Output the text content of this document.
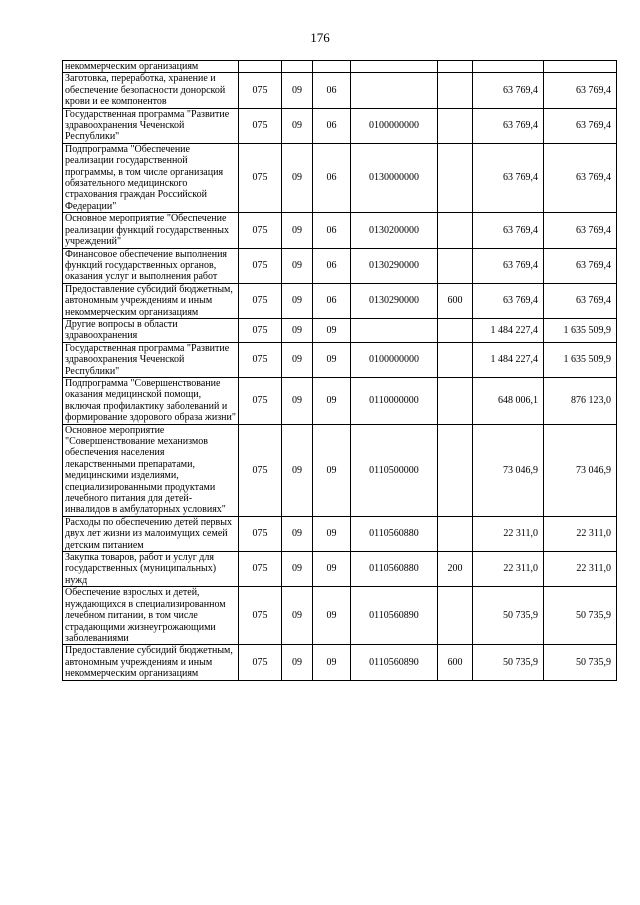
176
некоммерческим организациям							
Заготовка, переработка, хранение и обеспечение безопасности донорской крови и ее компонентов	075	09	06			63 769,4	63 769,4
Государственная программа "Развитие здравоохранения Чеченской Республики"	075	09	06	0100000000		63 769,4	63 769,4
Подпрограмма "Обеспечение реализации государственной программы, в том числе организация обязательного медицинского страхования граждан Российской Федерации"	075	09	06	0130000000		63 769,4	63 769,4
Основное мероприятие "Обеспечение реализации функций государственных учреждений"	075	09	06	0130200000		63 769,4	63 769,4
Финансовое обеспечение выполнения функций государственных органов, оказания услуг и выполнения работ	075	09	06	0130290000		63 769,4	63 769,4
Предоставление субсидий бюджетным, автономным учреждениям и иным некоммерческим организациям	075	09	06	0130290000	600	63 769,4	63 769,4
Другие вопросы в области здравоохранения	075	09	09			1 484 227,4	1 635 509,9
Государственная программа "Развитие здравоохранения Чеченской Республики"	075	09	09	0100000000		1 484 227,4	1 635 509,9
Подпрограмма "Совершенствование оказания медицинской помощи, включая профилактику заболеваний и формирование здорового образа жизни"	075	09	09	0110000000		648 006,1	876 123,0
Основное мероприятие "Совершенствование механизмов обеспечения населения лекарственными препаратами, медицинскими изделиями, специализированными продуктами лечебного питания для детей-инвалидов в амбулаторных условиях"	075	09	09	0110500000		73 046,9	73 046,9
Расходы по обеспечению детей первых двух лет жизни из малоимущих семей детским питанием	075	09	09	0110560880		22 311,0	22 311,0
Закупка товаров, работ и услуг для государственных (муниципальных) нужд	075	09	09	0110560880	200	22 311,0	22 311,0
Обеспечение взрослых и детей, нуждающихся в специализированном лечебном питании, в том числе страдающими жизнеугрожающими заболеваниями	075	09	09	0110560890		50 735,9	50 735,9
Предоставление субсидий бюджетным, автономным учреждениям и иным некоммерческим организациям	075	09	09	0110560890	600	50 735,9	50 735,9
